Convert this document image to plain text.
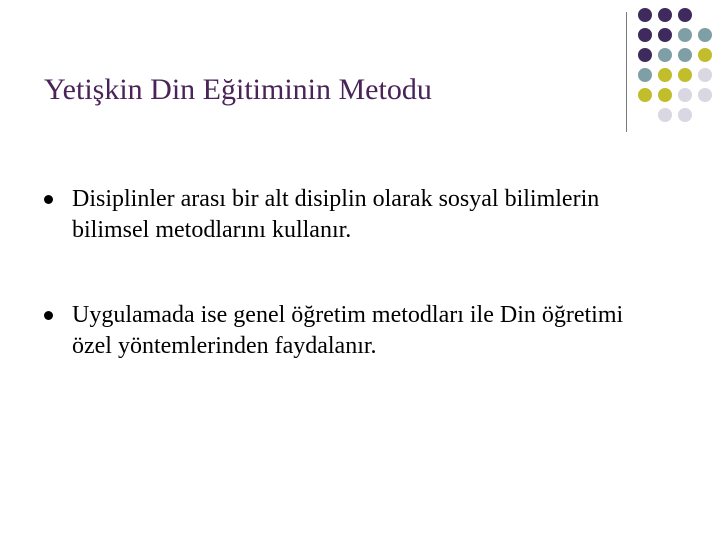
Yetişkin Din Eğitiminin Metodu
Disiplinler arası bir alt disiplin olarak sosyal bilimlerin bilimsel metodlarını kullanır.
Uygulamada ise genel öğretim metodları ile Din öğretimi özel yöntemlerinden faydalanır.
